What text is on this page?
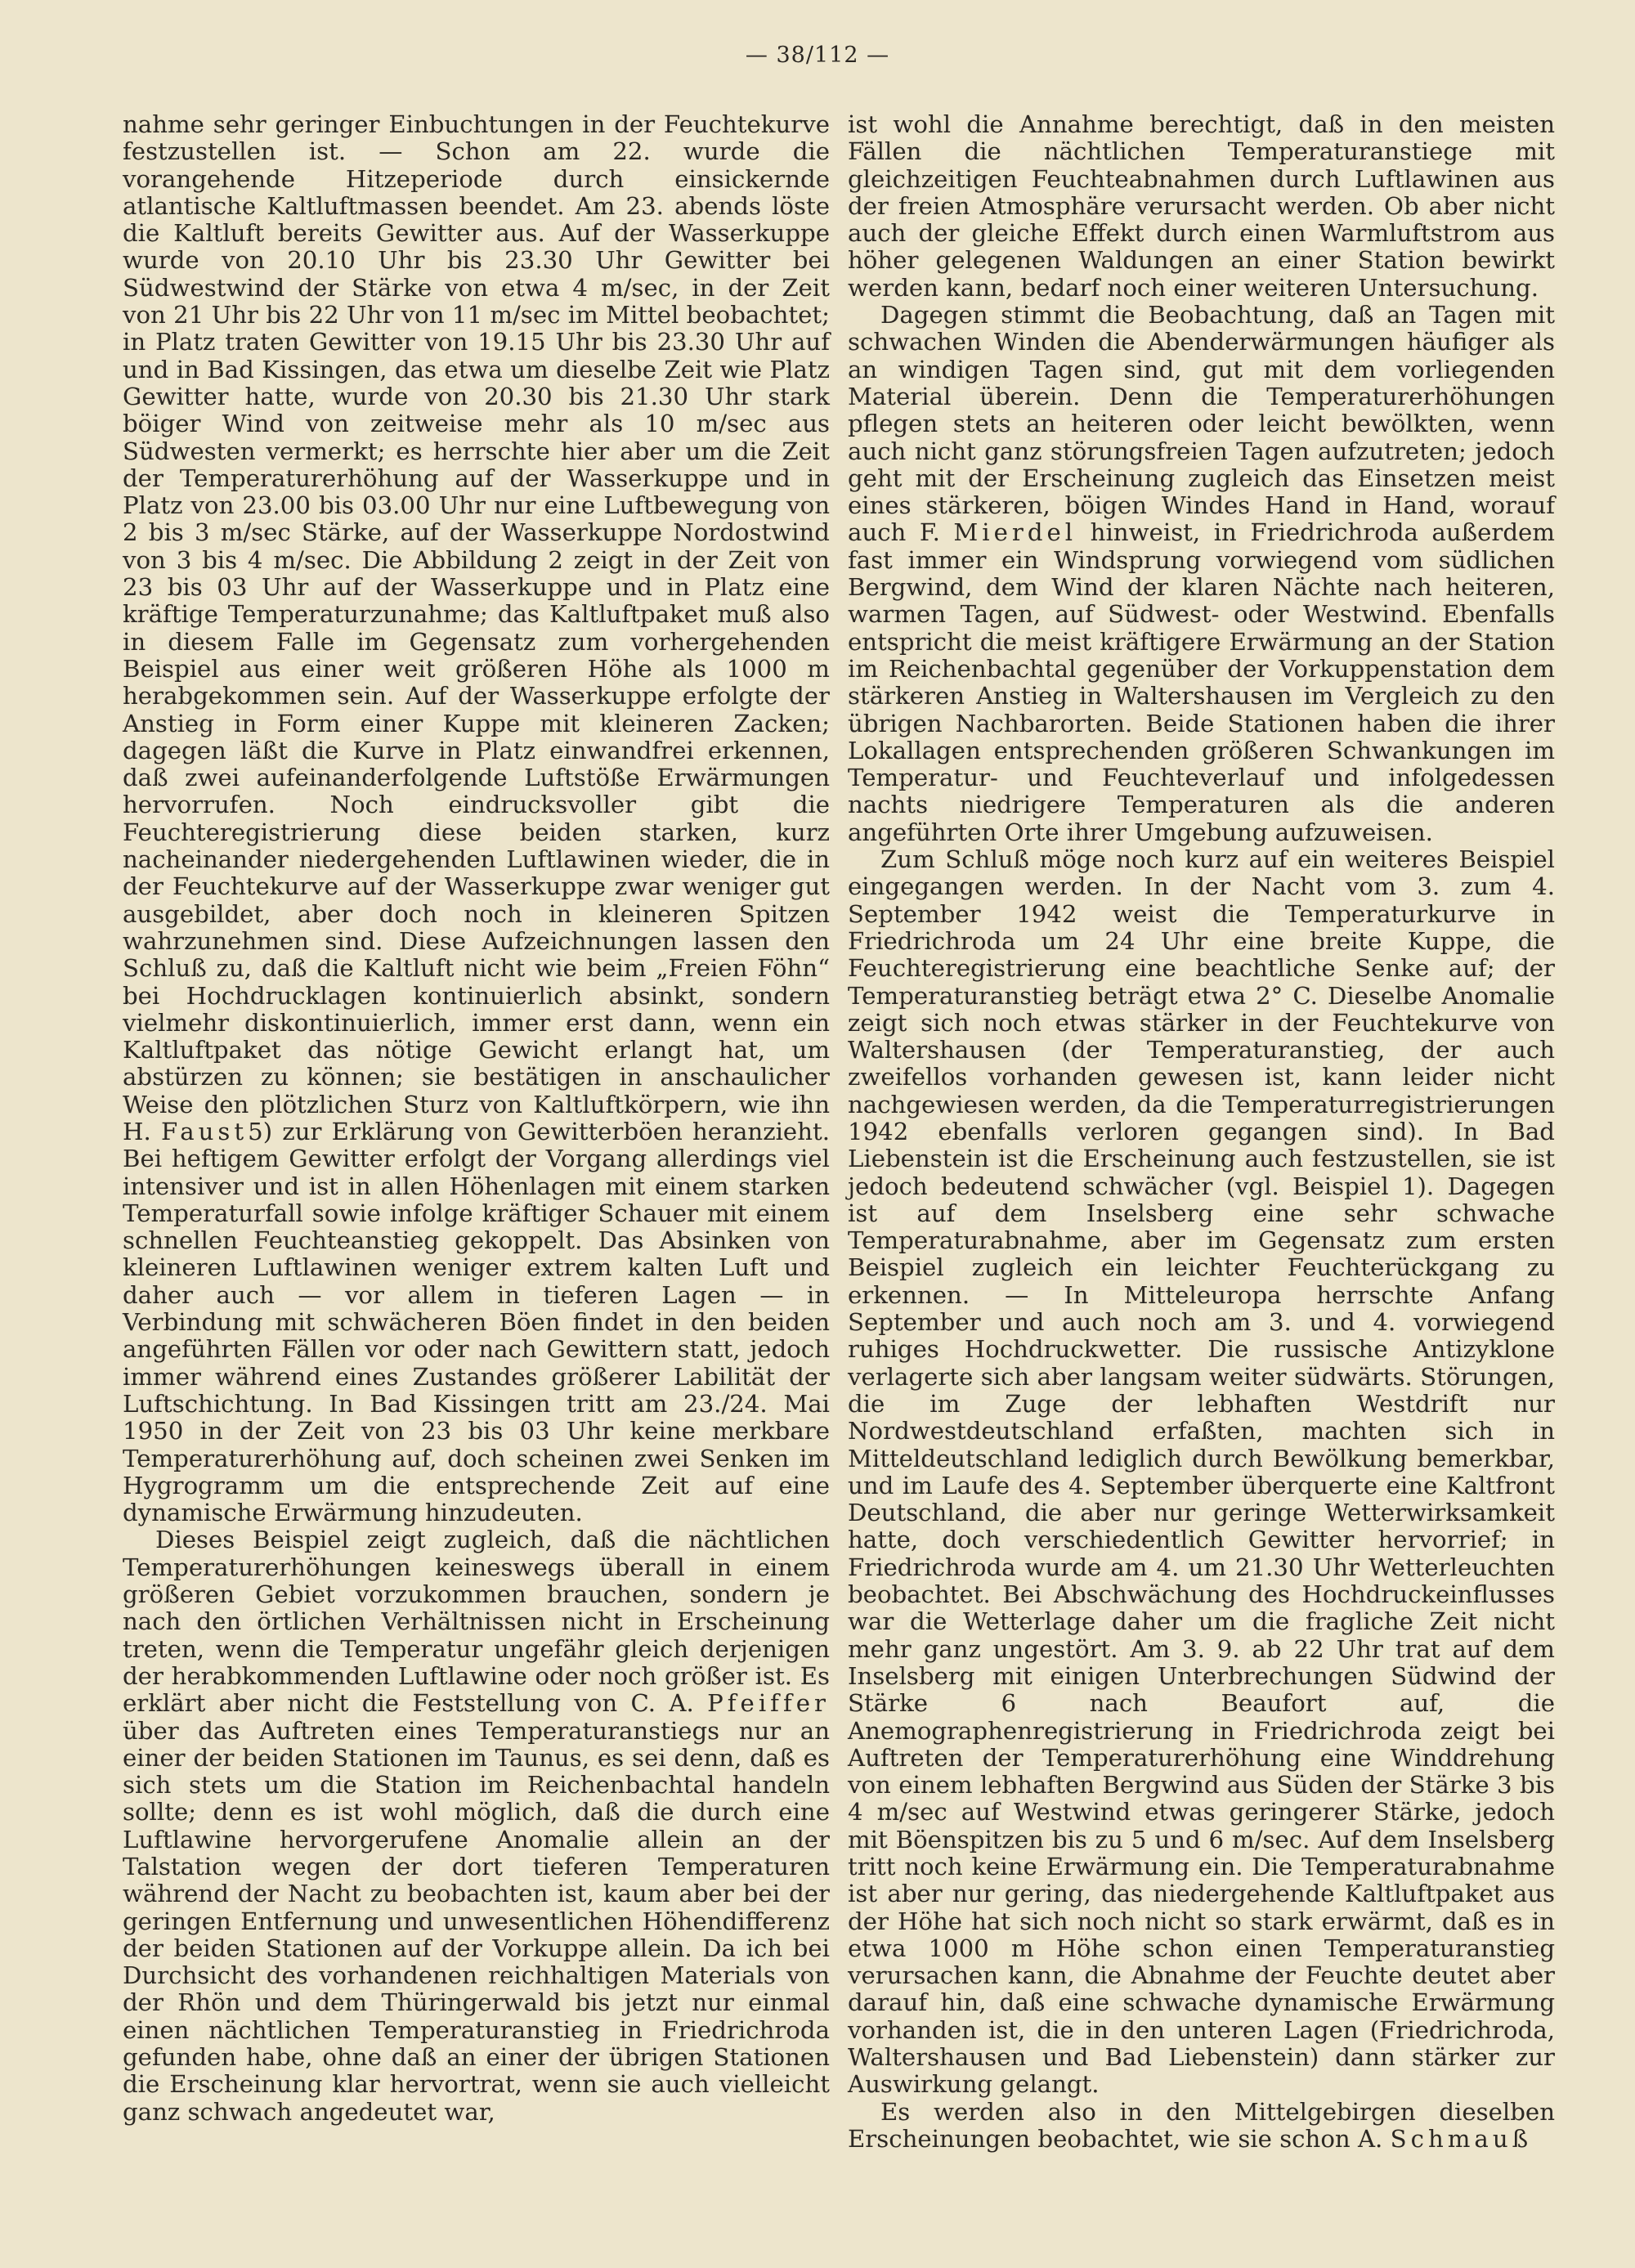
— 38/112 —

nahme sehr geringer Einbuchtungen in der Feuchtekurve festzustellen ist. — Schon am 22. wurde die vorangehende Hitzeperiode durch einsickernde atlantische Kaltluftmassen beendet. Am 23. abends löste die Kaltluft bereits Gewitter aus. Auf der Wasserkuppe wurde von 20.10 Uhr bis 23.30 Uhr Gewitter bei Südwestwind der Stärke von etwa 4 m/sec, in der Zeit von 21 Uhr bis 22 Uhr von 11 m/sec im Mittel beobachtet; in Platz traten Gewitter von 19.15 Uhr bis 23.30 Uhr auf und in Bad Kissingen, das etwa um dieselbe Zeit wie Platz Gewitter hatte, wurde von 20.30 bis 21.30 Uhr stark böiger Wind von zeitweise mehr als 10 m/sec aus Südwesten vermerkt; es herrschte hier aber um die Zeit der Temperaturerhöhung auf der Wasserkuppe und in Platz von 23.00 bis 03.00 Uhr nur eine Luftbewegung von 2 bis 3 m/sec Stärke, auf der Wasserkuppe Nordostwind von 3 bis 4 m/sec. Die Abbildung 2 zeigt in der Zeit von 23 bis 03 Uhr auf der Wasserkuppe und in Platz eine kräftige Temperaturzunahme; das Kaltluftpaket muß also in diesem Falle im Gegensatz zum vorhergehenden Beispiel aus einer weit größeren Höhe als 1000 m herabgekommen sein. Auf der Wasserkuppe erfolgte der Anstieg in Form einer Kuppe mit kleineren Zacken; dagegen läßt die Kurve in Platz einwandfrei erkennen, daß zwei aufeinanderfolgende Luftstöße Erwärmungen hervorrufen. Noch eindrucksvoller gibt die Feuchteregistrierung diese beiden starken, kurz nacheinander niedergehenden Luftlawinen wieder, die in der Feuchtekurve auf der Wasserkuppe zwar weniger gut ausgebildet, aber doch noch in kleineren Spitzen wahrzunehmen sind. Diese Aufzeichnungen lassen den Schluß zu, daß die Kaltluft nicht wie beim „Freien Föhn“ bei Hochdrucklagen kontinuierlich absinkt, sondern vielmehr diskontinuierlich, immer erst dann, wenn ein Kaltluftpaket das nötige Gewicht erlangt hat, um abstürzen zu können; sie bestätigen in anschaulicher Weise den plötzlichen Sturz von Kaltluftkörpern, wie ihn H. Faust5) zur Erklärung von Gewitterböen heranzieht. Bei heftigem Gewitter erfolgt der Vorgang allerdings viel intensiver und ist in allen Höhenlagen mit einem starken Temperaturfall sowie infolge kräftiger Schauer mit einem schnellen Feuchteanstieg gekoppelt. Das Absinken von kleineren Luftlawinen weniger extrem kalten Luft und daher auch — vor allem in tieferen Lagen — in Verbindung mit schwächeren Böen findet in den beiden angeführten Fällen vor oder nach Gewittern statt, jedoch immer während eines Zustandes größerer Labilität der Luftschichtung. In Bad Kissingen tritt am 23./24. Mai 1950 in der Zeit von 23 bis 03 Uhr keine merkbare Temperaturerhöhung auf, doch scheinen zwei Senken im Hygrogramm um die entsprechende Zeit auf eine dynamische Erwärmung hinzudeuten.

Dieses Beispiel zeigt zugleich, daß die nächtlichen Temperaturerhöhungen keineswegs überall in einem größeren Gebiet vorzukommen brauchen, sondern je nach den örtlichen Verhältnissen nicht in Erscheinung treten, wenn die Temperatur ungefähr gleich derjenigen der herabkommenden Luftlawine oder noch größer ist. Es erklärt aber nicht die Feststellung von C. A. Pfeiffer über das Auftreten eines Temperaturanstiegs nur an einer der beiden Stationen im Taunus, es sei denn, daß es sich stets um die Station im Reichenbachtal handeln sollte; denn es ist wohl möglich, daß die durch eine Luftlawine hervorgerufene Anomalie allein an der Talstation wegen der dort tieferen Temperaturen während der Nacht zu beobachten ist, kaum aber bei der geringen Entfernung und unwesentlichen Höhendifferenz der beiden Stationen auf der Vorkuppe allein. Da ich bei Durchsicht des vorhandenen reichhaltigen Materials von der Rhön und dem Thüringerwald bis jetzt nur einmal einen nächtlichen Temperaturanstieg in Friedrichroda gefunden habe, ohne daß an einer der übrigen Stationen die Erscheinung klar hervortrat, wenn sie auch vielleicht ganz schwach angedeutet war,

ist wohl die Annahme berechtigt, daß in den meisten Fällen die nächtlichen Temperaturanstiege mit gleichzeitigen Feuchteabnahmen durch Luftlawinen aus der freien Atmosphäre verursacht werden. Ob aber nicht auch der gleiche Effekt durch einen Warmluftstrom aus höher gelegenen Waldungen an einer Station bewirkt werden kann, bedarf noch einer weiteren Untersuchung.

Dagegen stimmt die Beobachtung, daß an Tagen mit schwachen Winden die Abenderwärmungen häufiger als an windigen Tagen sind, gut mit dem vorliegenden Material überein. Denn die Temperaturerhöhungen pflegen stets an heiteren oder leicht bewölkten, wenn auch nicht ganz störungsfreien Tagen aufzutreten; jedoch geht mit der Erscheinung zugleich das Einsetzen meist eines stärkeren, böigen Windes Hand in Hand, worauf auch F. Mierdel hinweist, in Friedrichroda außerdem fast immer ein Windsprung vorwiegend vom südlichen Bergwind, dem Wind der klaren Nächte nach heiteren, warmen Tagen, auf Südwest- oder Westwind. Ebenfalls entspricht die meist kräftigere Erwärmung an der Station im Reichenbachtal gegenüber der Vorkuppenstation dem stärkeren Anstieg in Waltershausen im Vergleich zu den übrigen Nachbarorten. Beide Stationen haben die ihrer Lokallagen entsprechenden größeren Schwankungen im Temperatur- und Feuchteverlauf und infolgedessen nachts niedrigere Temperaturen als die anderen angeführten Orte ihrer Umgebung aufzuweisen.

Zum Schluß möge noch kurz auf ein weiteres Beispiel eingegangen werden. In der Nacht vom 3. zum 4. September 1942 weist die Temperaturkurve in Friedrichroda um 24 Uhr eine breite Kuppe, die Feuchteregistrierung eine beachtliche Senke auf; der Temperaturanstieg beträgt etwa 2° C. Dieselbe Anomalie zeigt sich noch etwas stärker in der Feuchtekurve von Waltershausen (der Temperaturanstieg, der auch zweifellos vorhanden gewesen ist, kann leider nicht nachgewiesen werden, da die Temperaturregistrierungen 1942 ebenfalls verloren gegangen sind). In Bad Liebenstein ist die Erscheinung auch festzustellen, sie ist jedoch bedeutend schwächer (vgl. Beispiel 1). Dagegen ist auf dem Inselsberg eine sehr schwache Temperaturabnahme, aber im Gegensatz zum ersten Beispiel zugleich ein leichter Feuchterückgang zu erkennen. — In Mitteleuropa herrschte Anfang September und auch noch am 3. und 4. vorwiegend ruhiges Hochdruckwetter. Die russische Antizyklone verlagerte sich aber langsam weiter südwärts. Störungen, die im Zuge der lebhaften Westdrift nur Nordwestdeutschland erfaßten, machten sich in Mitteldeutschland lediglich durch Bewölkung bemerkbar, und im Laufe des 4. September überquerte eine Kaltfront Deutschland, die aber nur geringe Wetterwirksamkeit hatte, doch verschiedentlich Gewitter hervorrief; in Friedrichroda wurde am 4. um 21.30 Uhr Wetterleuchten beobachtet. Bei Abschwächung des Hochdruckeinflusses war die Wetterlage daher um die fragliche Zeit nicht mehr ganz ungestört. Am 3. 9. ab 22 Uhr trat auf dem Inselsberg mit einigen Unterbrechungen Südwind der Stärke 6 nach Beaufort auf, die Anemographenregistrierung in Friedrichroda zeigt bei Auftreten der Temperaturerhöhung eine Winddrehung von einem lebhaften Bergwind aus Süden der Stärke 3 bis 4 m/sec auf Westwind etwas geringerer Stärke, jedoch mit Böenspitzen bis zu 5 und 6 m/sec. Auf dem Inselsberg tritt noch keine Erwärmung ein. Die Temperaturabnahme ist aber nur gering, das niedergehende Kaltluftpaket aus der Höhe hat sich noch nicht so stark erwärmt, daß es in etwa 1000 m Höhe schon einen Temperaturanstieg verursachen kann, die Abnahme der Feuchte deutet aber darauf hin, daß eine schwache dynamische Erwärmung vorhanden ist, die in den unteren Lagen (Friedrichroda, Waltershausen und Bad Liebenstein) dann stärker zur Auswirkung gelangt.

Es werden also in den Mittelgebirgen dieselben Erscheinungen beobachtet, wie sie schon A. Schmauß
